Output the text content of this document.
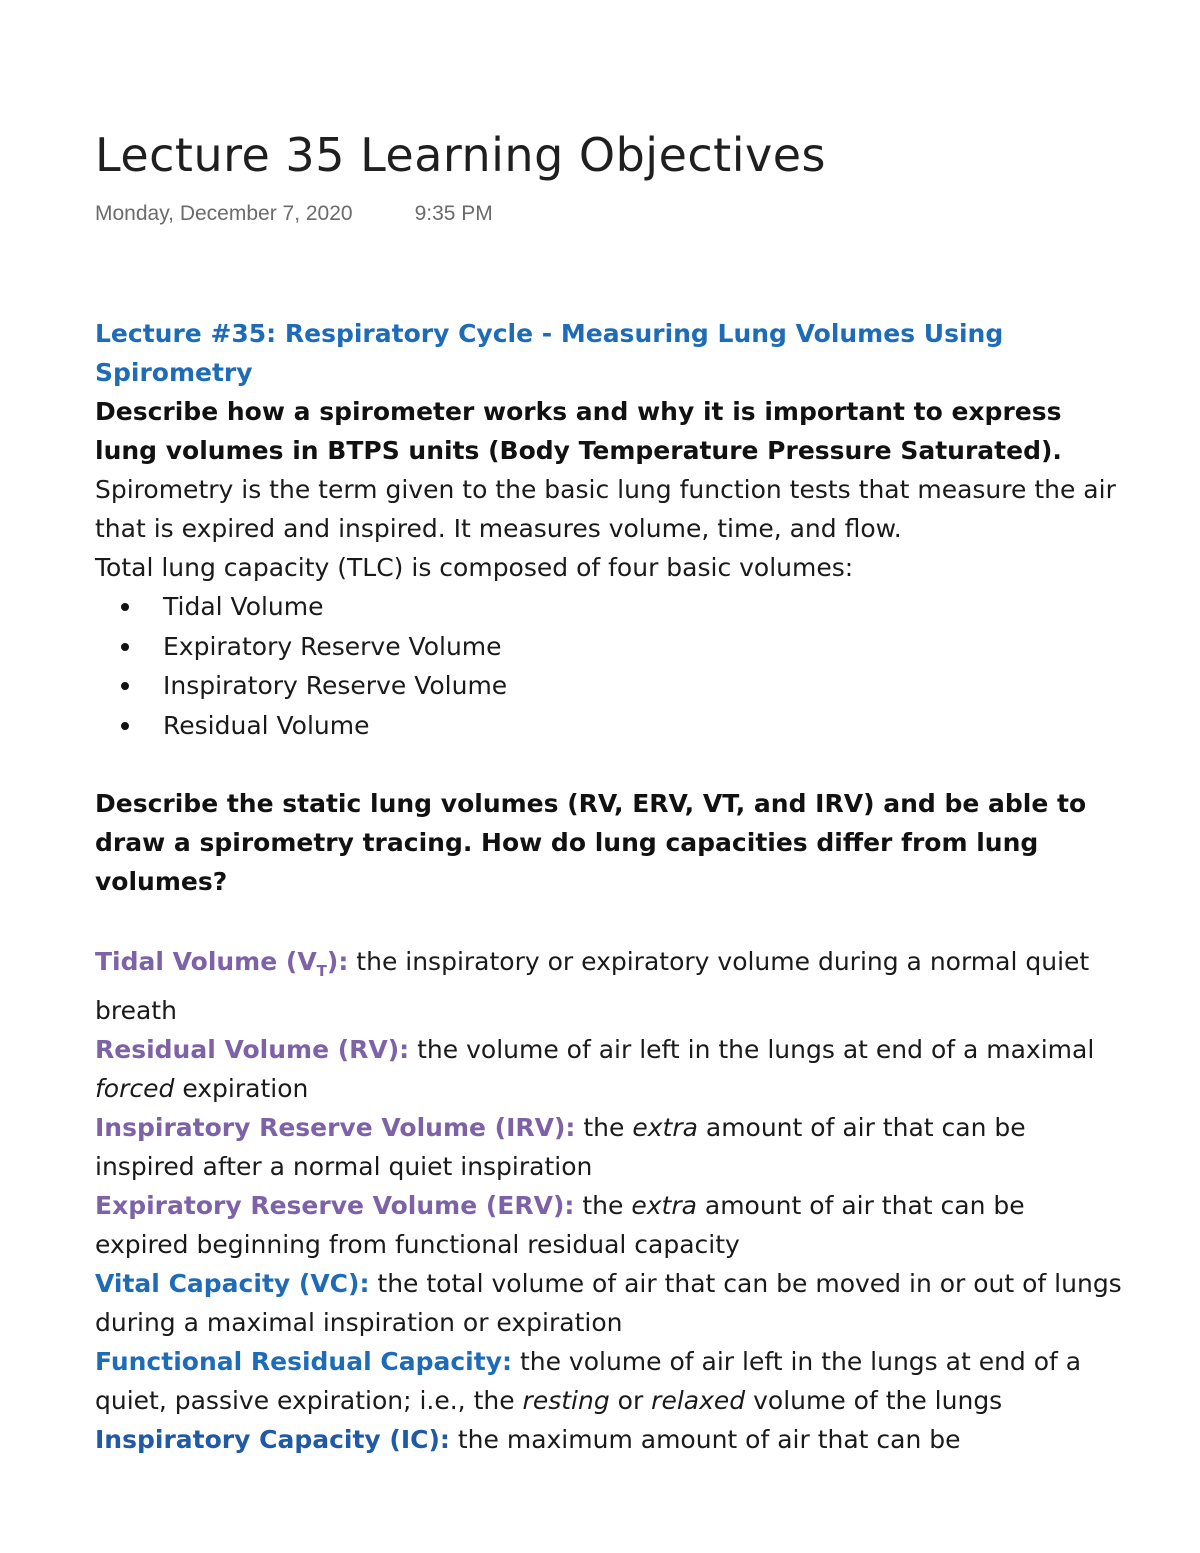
Lecture 35 Learning Objectives
Monday, December 7, 2020	9:35 PM

Lecture #35: Respiratory Cycle - Measuring Lung Volumes Using Spirometry

Describe how a spirometer works and why it is important to express lung volumes in BTPS units (Body Temperature Pressure Saturated).

Spirometry is the term given to the basic lung function tests that measure the air that is expired and inspired. It measures volume, time, and flow.

Total lung capacity (TLC) is composed of four basic volumes:

Tidal Volume
Expiratory Reserve Volume
Inspiratory Reserve Volume
Residual Volume

Describe the static lung volumes (RV, ERV, VT, and IRV) and be able to draw a spirometry tracing. How do lung capacities differ from lung volumes?

Tidal Volume $(V_T)$: the inspiratory or expiratory volume during a normal quiet breath

Residual Volume (RV): the volume of air left in the lungs at end of a maximal forced expiration

Inspiratory Reserve Volume (IRV): the extra amount of air that can be inspired after a normal quiet inspiration

Expiratory Reserve Volume (ERV): the extra amount of air that can be expired beginning from functional residual capacity

Vital Capacity (VC): the total volume of air that can be moved in or out of lungs during a maximal inspiration or expiration

Functional Residual Capacity: the volume of air left in the lungs at end of a quiet, passive expiration; i.e., the resting or relaxed volume of the lungs

Inspiratory Capacity (IC): the maximum amount of air that can be
